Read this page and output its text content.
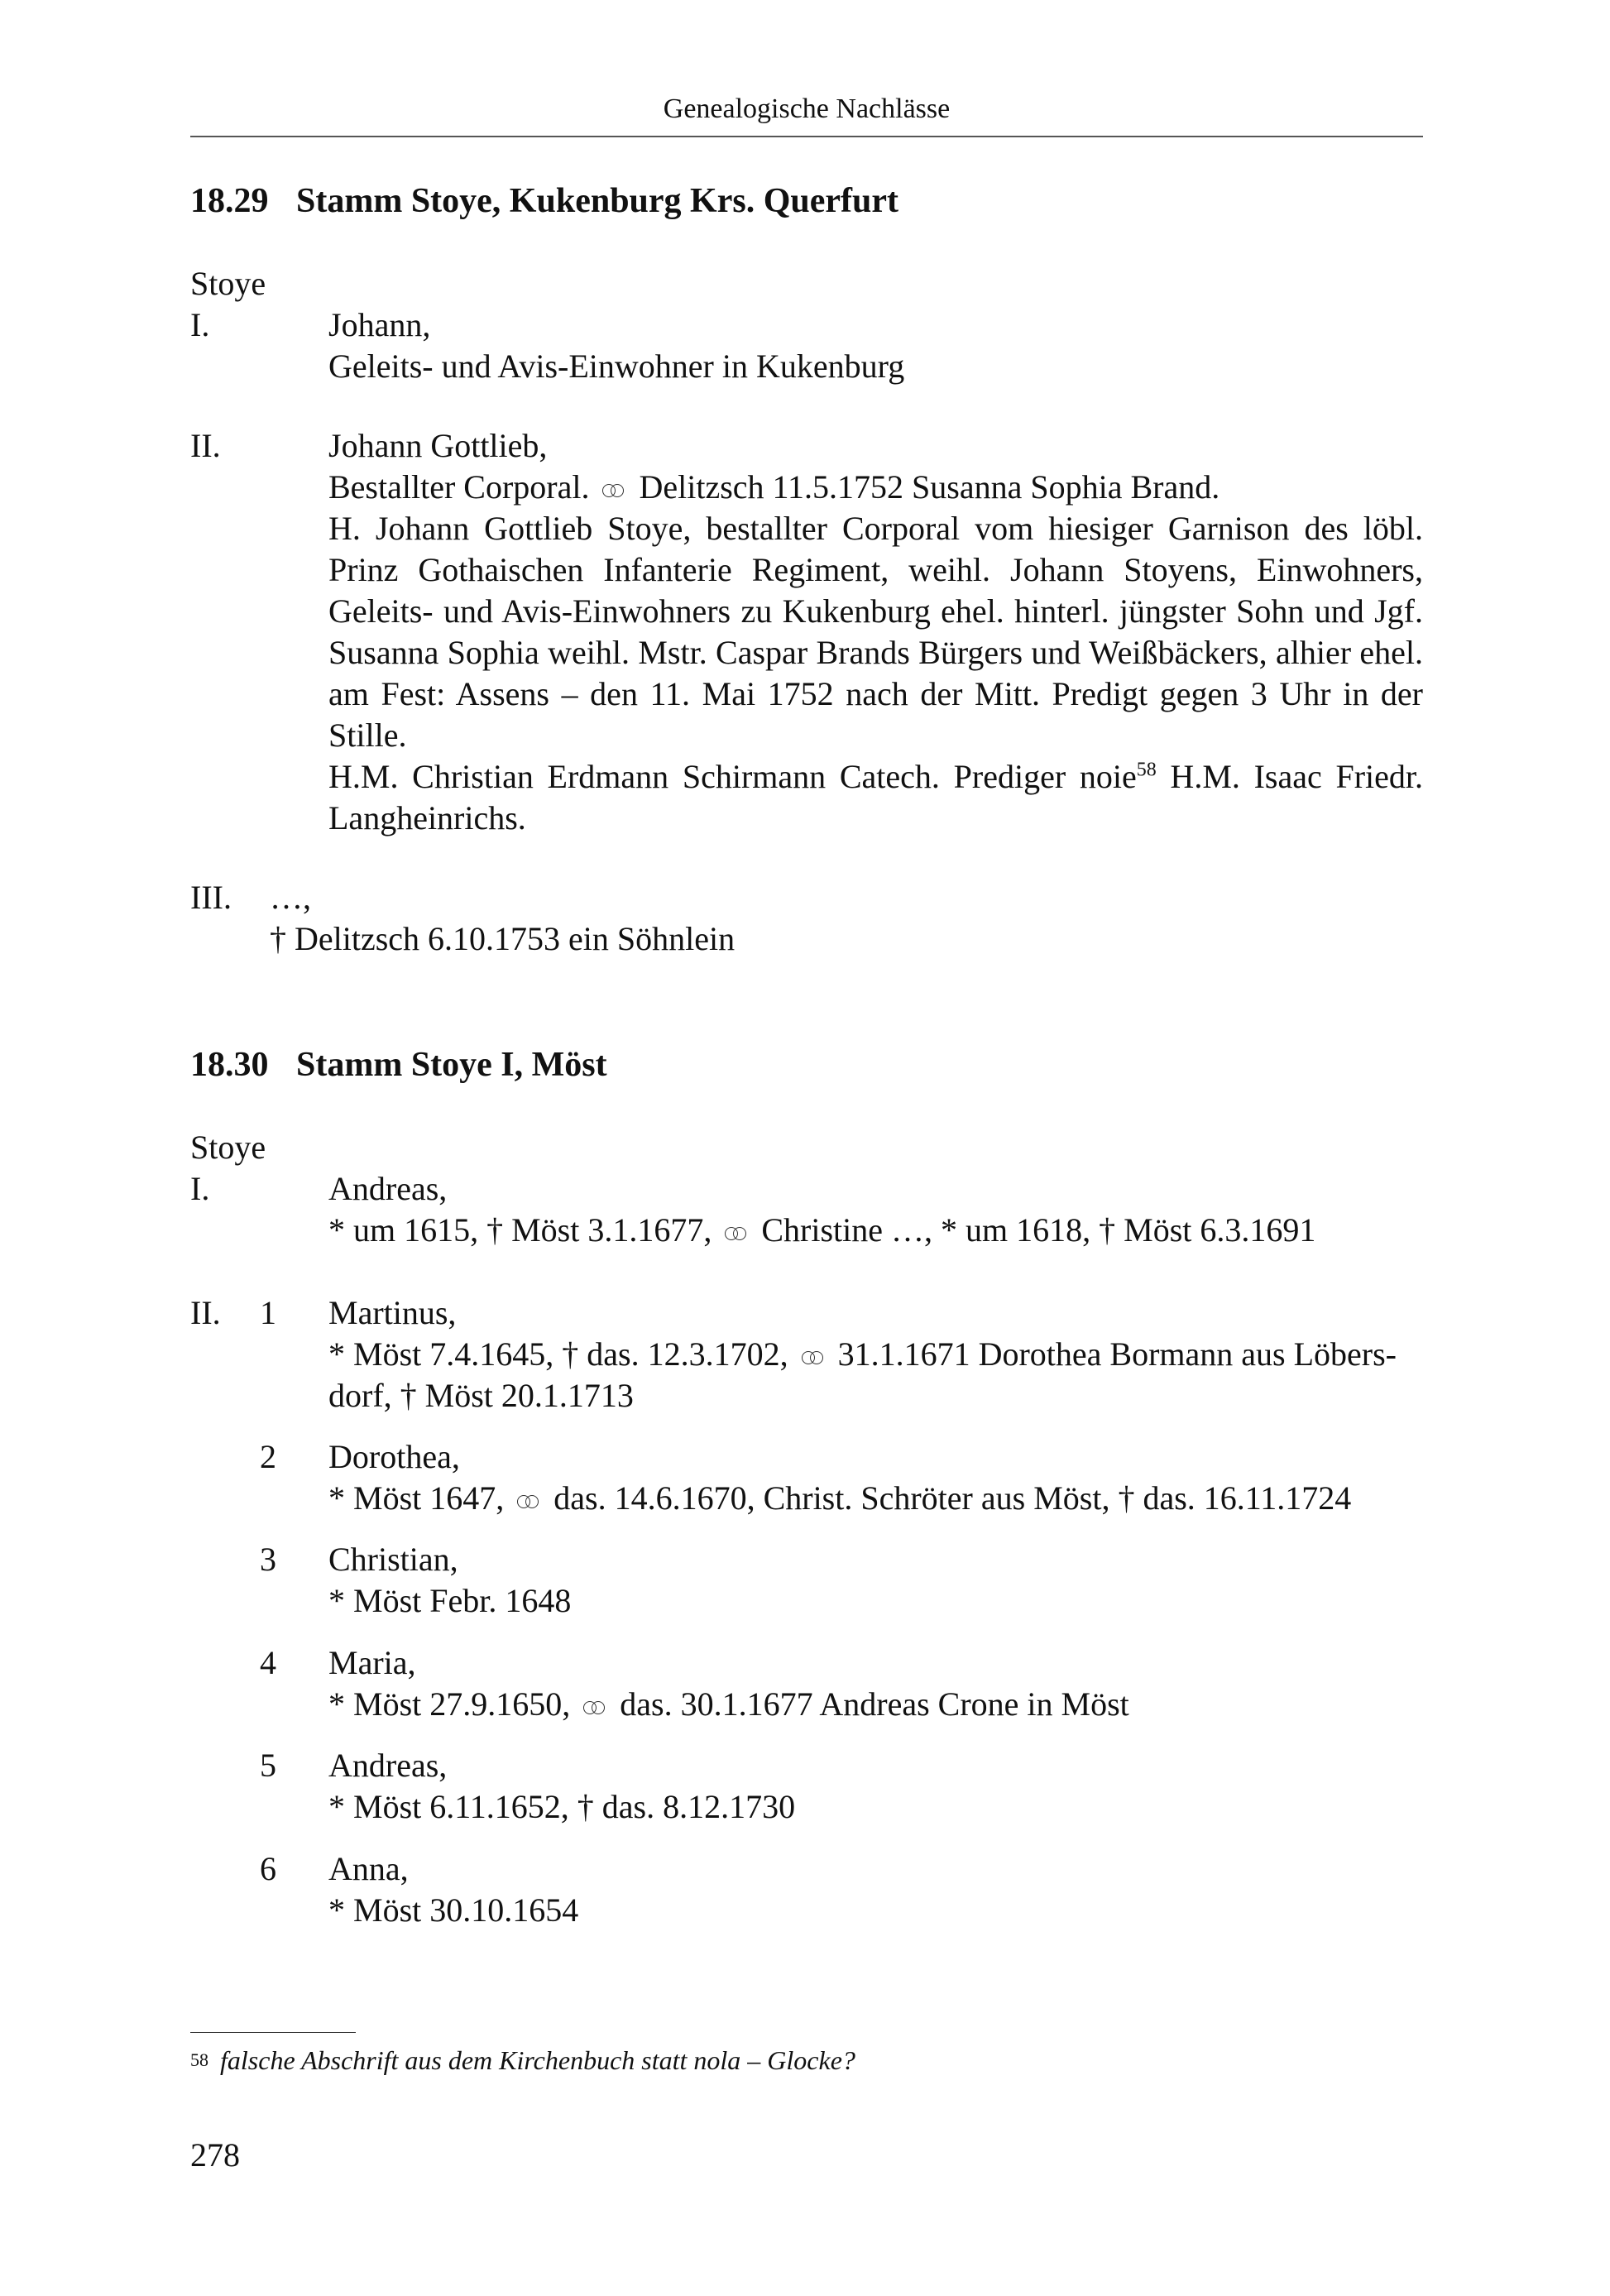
Genealogische Nachlässe
18.29 Stamm Stoye, Kukenburg Krs. Querfurt
Stoye
I.	Johann,
Geleits- und Avis-Einwohner in Kukenburg
II.	Johann Gottlieb,
Bestallter Corporal. Delitzsch 11.5.1752 Susanna Sophia Brand.
H. Johann Gottlieb Stoye, bestallter Corporal vom hiesiger Garnison des löbl. Prinz Gothaischen Infanterie Regiment, weihl. Johann Stoyens, Einwohners, Geleits- und Avis-Einwohners zu Kukenburg ehel. hinterl. jüngster Sohn und Jgf. Susanna Sophia weihl. Mstr. Caspar Brands Bürgers und Weißbäckers, alhier ehel. am Fest: Assens – den 11. Mai 1752 nach der Mitt. Predigt gegen 3 Uhr in der Stille.
H.M. Christian Erdmann Schirmann Catech. Prediger noie$^{58}$ H.M. Isaac Friedr. Langheinrichs.
III. …,
† Delitzsch 6.10.1753 ein Söhnlein
18.30 Stamm Stoye I, Möst
Stoye
I.	Andreas,
* um 1615, † Möst 3.1.1677, Christine …, * um 1618, † Möst 6.3.1691
II. 1 Martinus,
* Möst 7.4.1645, † das. 12.3.1702, 31.1.1671 Dorothea Bormann aus Löbers-
dorf, † Möst 20.1.1713
2 Dorothea,
* Möst 1647, das. 14.6.1670, Christ. Schröter aus Möst, † das. 16.11.1724
3 Christian,
* Möst Febr. 1648
4 Maria,
* Möst 27.9.1650, das. 30.1.1677 Andreas Crone in Möst
5 Andreas,
* Möst 6.11.1652, † das. 8.12.1730
6 Anna,
* Möst 30.10.1654
$^{58}$ falsche Abschrift aus dem Kirchenbuch statt nola – Glocke?
278
